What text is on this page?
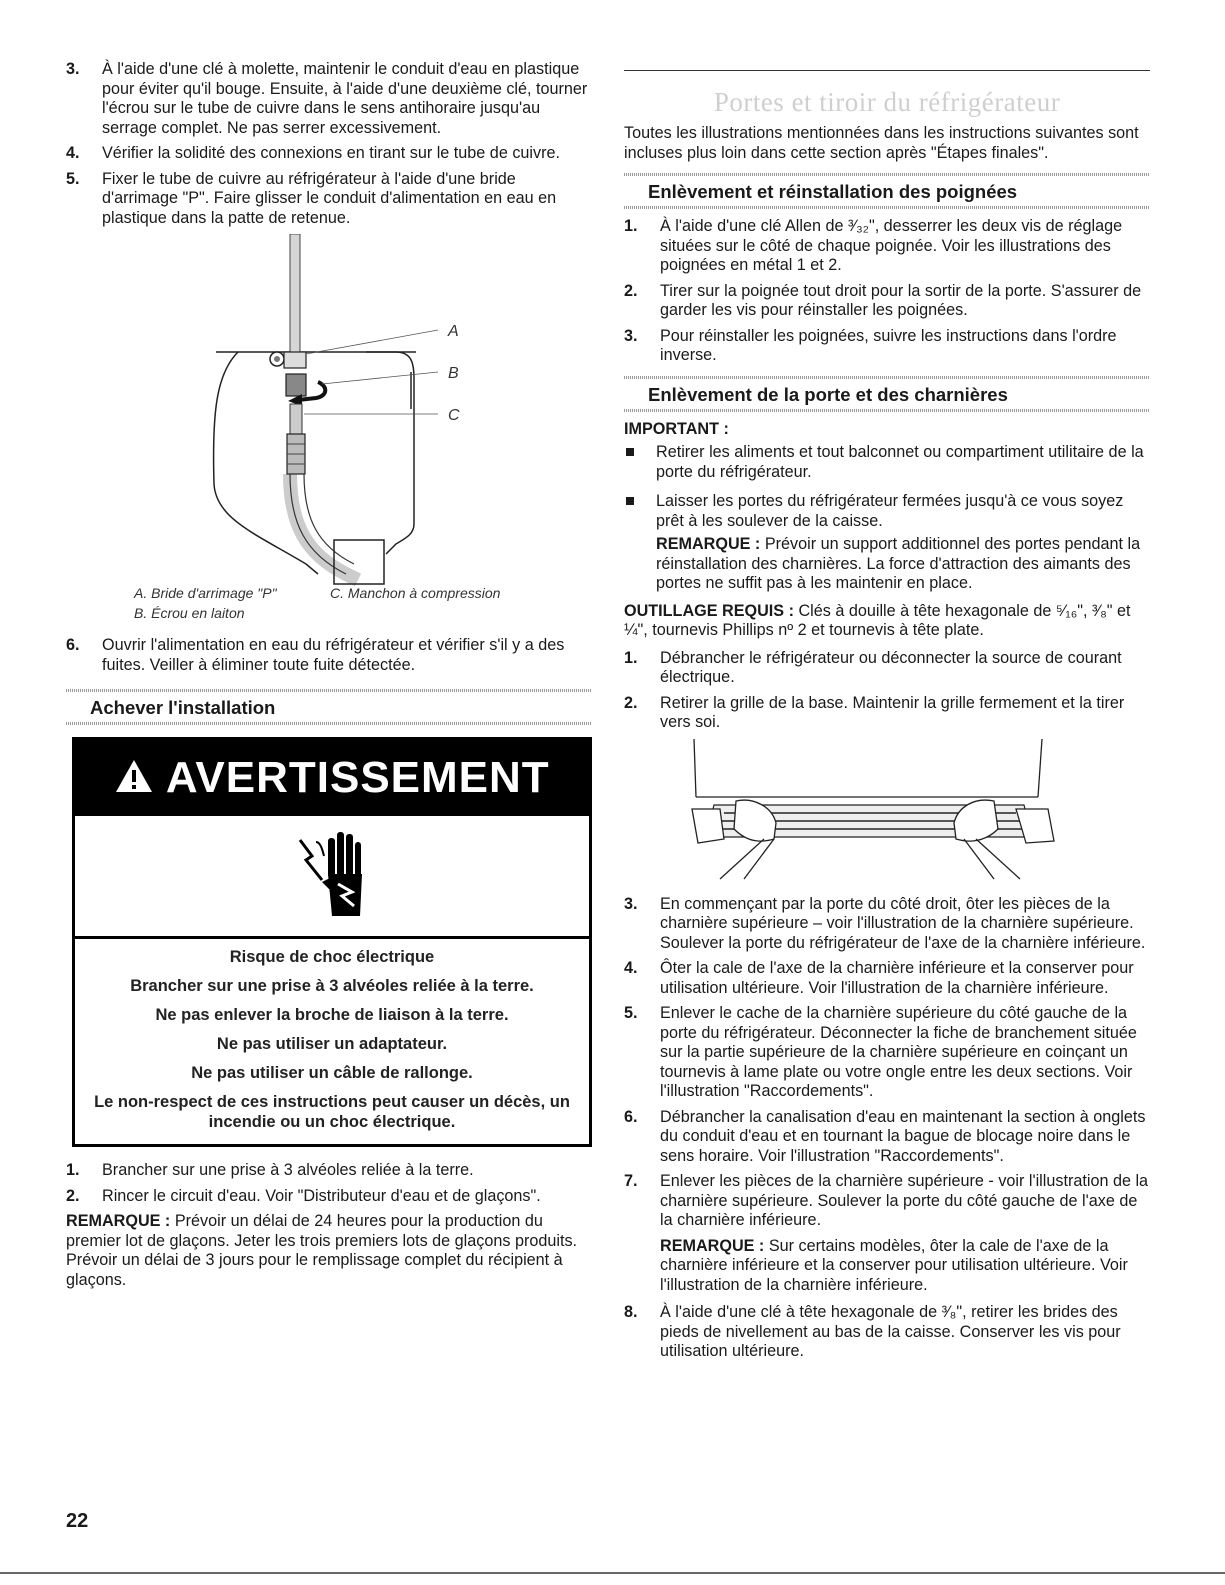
3. À l'aide d'une clé à molette, maintenir le conduit d'eau en plastique pour éviter qu'il bouge. Ensuite, à l'aide d'une deuxième clé, tourner l'écrou sur le tube de cuivre dans le sens antihoraire jusqu'au serrage complet. Ne pas serrer excessivement.
4. Vérifier la solidité des connexions en tirant sur le tube de cuivre.
5. Fixer le tube de cuivre au réfrigérateur à l'aide d'une bride d'arrimage "P". Faire glisser le conduit d'alimentation en eau en plastique dans la patte de retenue.
A
B
C
A. Bride d'arrimage "P"	C. Manchon à compression
B. Écrou en laiton
6. Ouvrir l'alimentation en eau du réfrigérateur et vérifier s'il y a des fuites. Veiller à éliminer toute fuite détectée.
Achever l'installation
AVERTISSEMENT

Risque de choc électrique

Brancher sur une prise à 3 alvéoles reliée à la terre.

Ne pas enlever la broche de liaison à la terre.

Ne pas utiliser un adaptateur.

Ne pas utiliser un câble de rallonge.

Le non-respect de ces instructions peut causer un décès, un incendie ou un choc électrique.

1. Brancher sur une prise à 3 alvéoles reliée à la terre.
2. Rincer le circuit d'eau. Voir "Distributeur d'eau et de glaçons".

REMARQUE : Prévoir un délai de 24 heures pour la production du premier lot de glaçons. Jeter les trois premiers lots de glaçons produits. Prévoir un délai de 3 jours pour le remplissage complet du récipient à glaçons.

Portes et tiroir du réfrigérateur

Toutes les illustrations mentionnées dans les instructions suivantes sont incluses plus loin dans cette section après "Étapes finales".

Enlèvement et réinstallation des poignées
1. À l'aide d'une clé Allen de ³⁄₃₂", desserrer les deux vis de réglage situées sur le côté de chaque poignée. Voir les illustrations des poignées en métal 1 et 2.
2. Tirer sur la poignée tout droit pour la sortir de la porte. S'assurer de garder les vis pour réinstaller les poignées.
3. Pour réinstaller les poignées, suivre les instructions dans l'ordre inverse.
Enlèvement de la porte et des charnières

IMPORTANT :

Retirer les aliments et tout balconnet ou compartiment utilitaire de la porte du réfrigérateur.
Laisser les portes du réfrigérateur fermées jusqu'à ce vous soyez prêt à les soulever de la caisse.

REMARQUE : Prévoir un support additionnel des portes pendant la réinstallation des charnières. La force d'attraction des aimants des portes ne suffit pas à les maintenir en place.

OUTILLAGE REQUIS : Clés à douille à tête hexagonale de ⁵⁄₁₆", ³⁄₈" et ¼", tournevis Phillips nº 2 et tournevis à tête plate.

1. Débrancher le réfrigérateur ou déconnecter la source de courant électrique.
2. Retirer la grille de la base. Maintenir la grille fermement et la tirer vers soi.
3. En commençant par la porte du côté droit, ôter les pièces de la charnière supérieure – voir l'illustration de la charnière supérieure. Soulever la porte du réfrigérateur de l'axe de la charnière inférieure.
4. Ôter la cale de l'axe de la charnière inférieure et la conserver pour utilisation ultérieure. Voir l'illustration de la charnière inférieure.
5. Enlever le cache de la charnière supérieure du côté gauche de la porte du réfrigérateur. Déconnecter la fiche de branchement située sur la partie supérieure de la charnière supérieure en coinçant un tournevis à lame plate ou votre ongle entre les deux sections. Voir l'illustration "Raccordements".
6. Débrancher la canalisation d'eau en maintenant la section à onglets du conduit d'eau et en tournant la bague de blocage noire dans le sens horaire. Voir l'illustration "Raccordements".
7. Enlever les pièces de la charnière supérieure - voir l'illustration de la charnière supérieure. Soulever la porte du côté gauche de l'axe de la charnière inférieure.

REMARQUE : Sur certains modèles, ôter la cale de l'axe de la charnière inférieure et la conserver pour utilisation ultérieure. Voir l'illustration de la charnière inférieure.

8. À l'aide d'une clé à tête hexagonale de ³⁄₈", retirer les brides des pieds de nivellement au bas de la caisse. Conserver les vis pour utilisation ultérieure.
22
